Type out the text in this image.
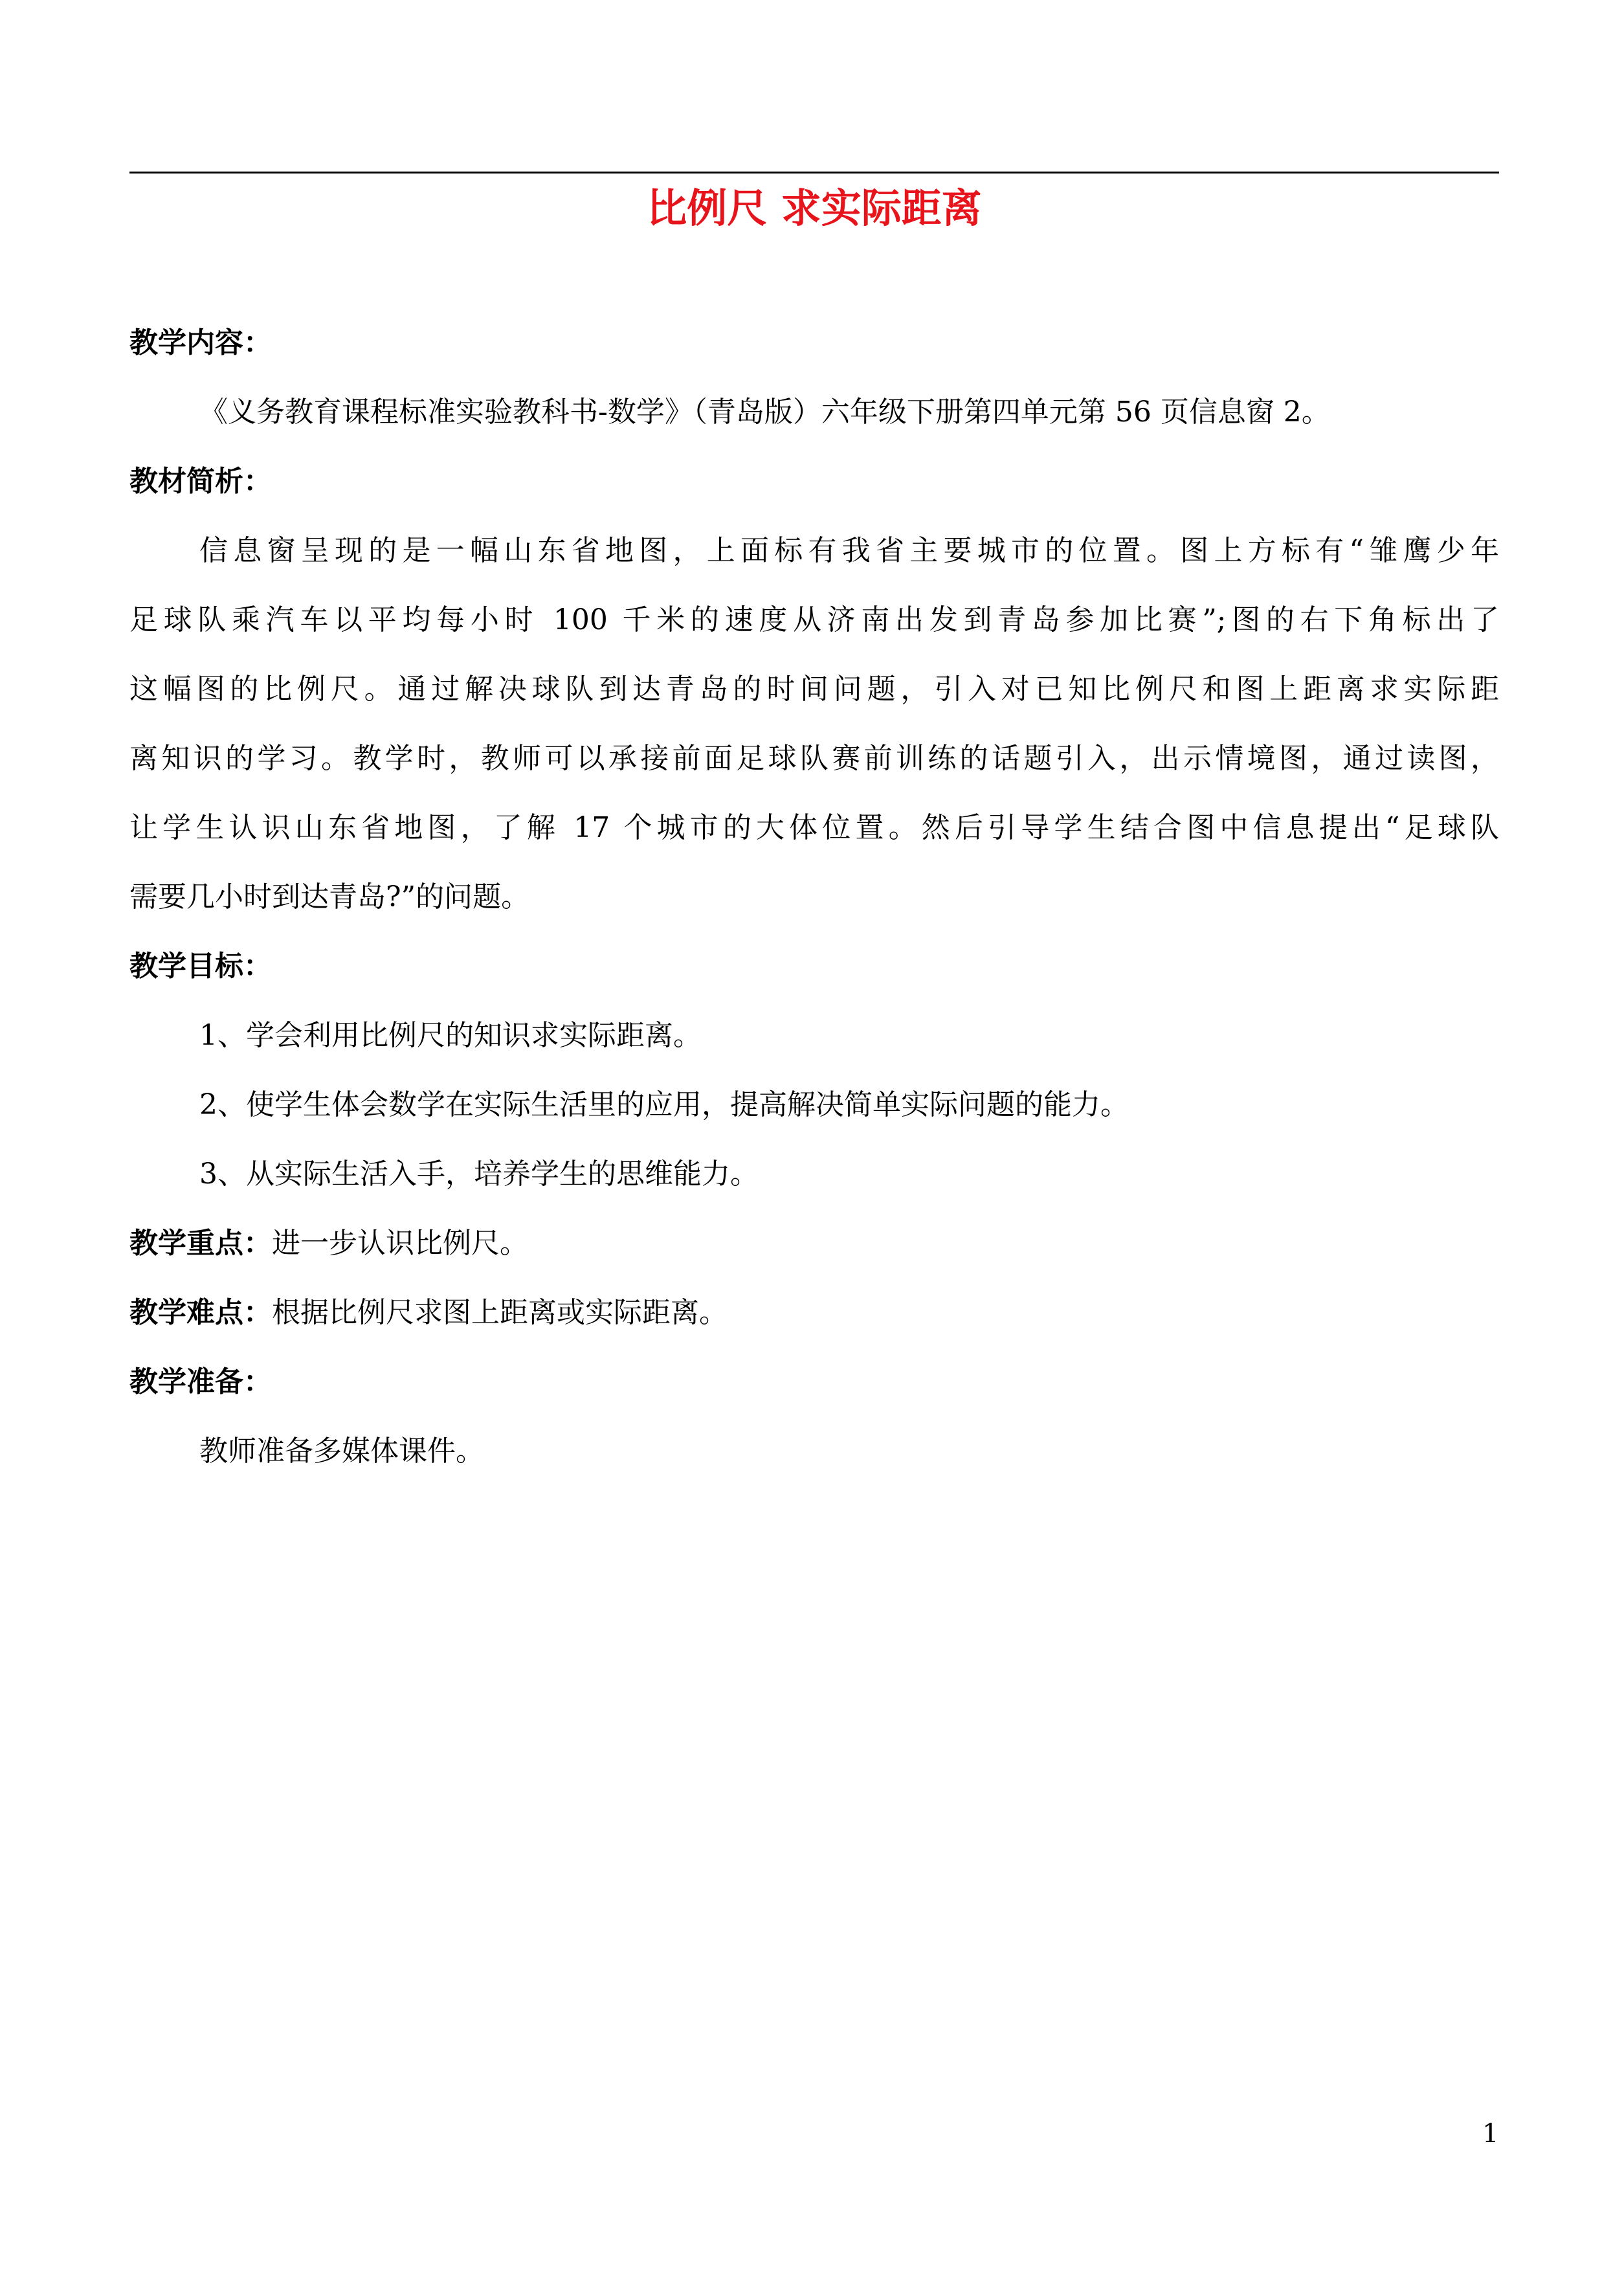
比例尺 求实际距离

教学内容：

《义务教育课程标准实验教科书-数学》（青岛版）六年级下册第四单元第 56 页信息窗 2。

教材简析：

信息窗呈现的是一幅山东省地图，上面标有我省主要城市的位置。图上方标有“雏鹰少年

足球队乘汽车以平均每小时 100 千米的速度从济南出发到青岛参加比赛”;图的右下角标出了

这幅图的比例尺。通过解决球队到达青岛的时间问题，引入对已知比例尺和图上距离求实际距

离知识的学习。教学时，教师可以承接前面足球队赛前训练的话题引入，出示情境图，通过读图，

让学生认识山东省地图，了解 17 个城市的大体位置。然后引导学生结合图中信息提出“足球队

需要几小时到达青岛?”的问题。

教学目标：

1、学会利用比例尺的知识求实际距离。

2、使学生体会数学在实际生活里的应用，提高解决简单实际问题的能力。

3、从实际生活入手，培养学生的思维能力。

教学重点：进一步认识比例尺。

教学难点：根据比例尺求图上距离或实际距离。

教学准备：

教师准备多媒体课件。

1
